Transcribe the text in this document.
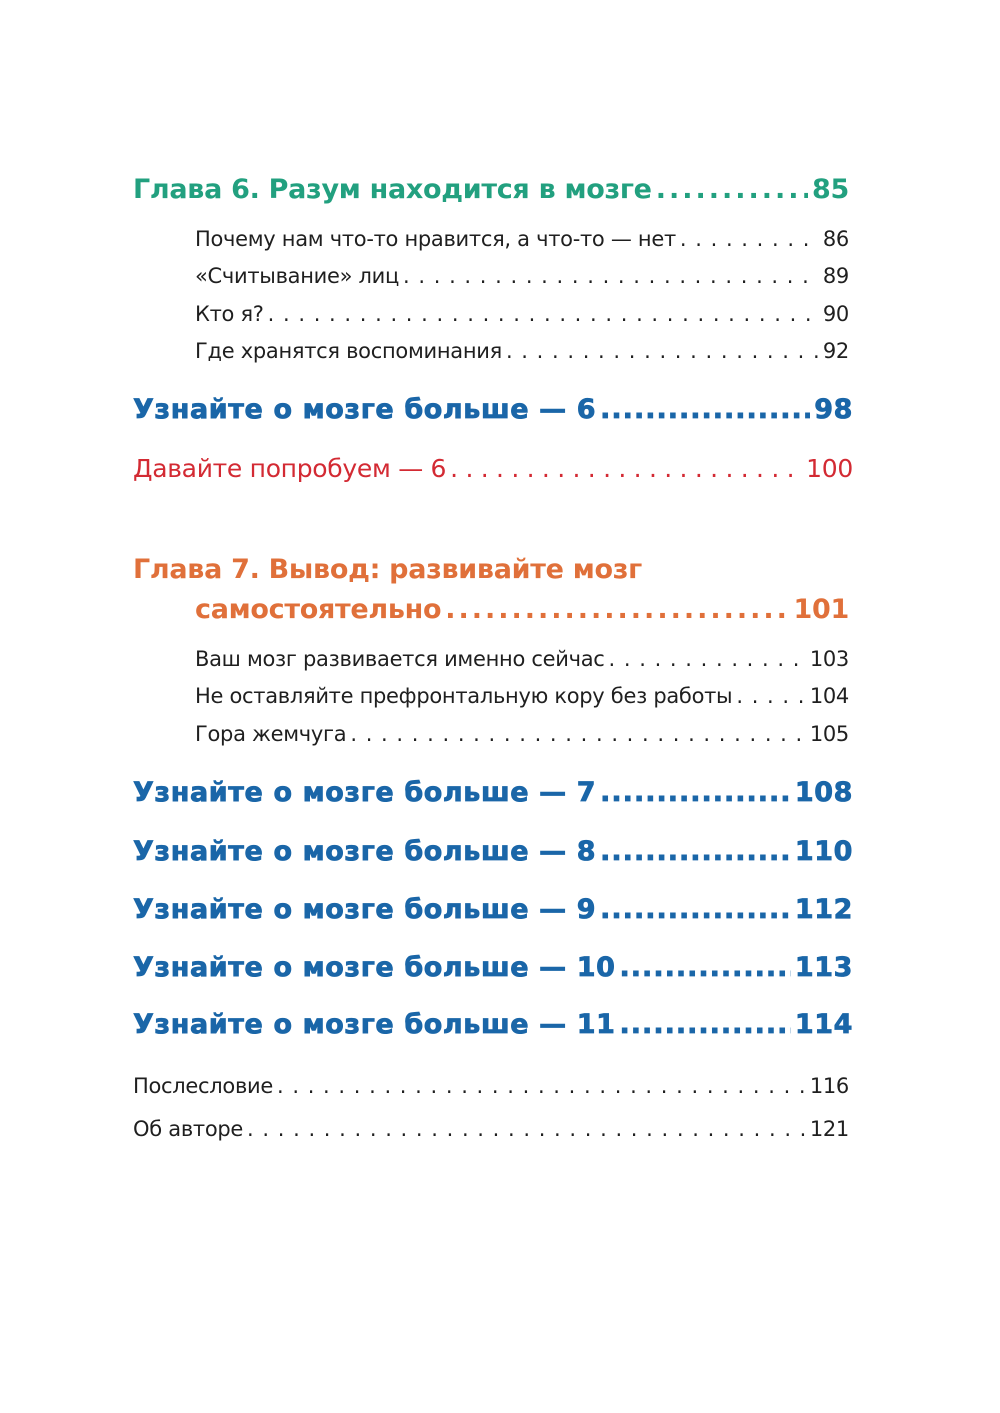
Глава 6. Разум находится в мозге .....	85
Почему нам что-то нравится, а что-то — нет . . .	86
«Считывание» лиц . . .	89
Кто я? . . .	90
Где хранятся воспоминания . . .	92
Узнайте о мозге больше — 6 .....	98
Давайте попробуем — 6 . . .	100
Глава 7. Вывод: развивайте мозг
самостоятельно .....	101
Ваш мозг развивается именно сейчас . . .	103
Не оставляйте префронтальную кору без работы . . .	104
Гора жемчуга . . .	105
Узнайте о мозге больше — 7 .....	108
Узнайте о мозге больше — 8 .....	110
Узнайте о мозге больше — 9 .....	112
Узнайте о мозге больше — 10 .....	113
Узнайте о мозге больше — 11 .....	114
Послесловие . . .	116
Об авторе . . .	121
